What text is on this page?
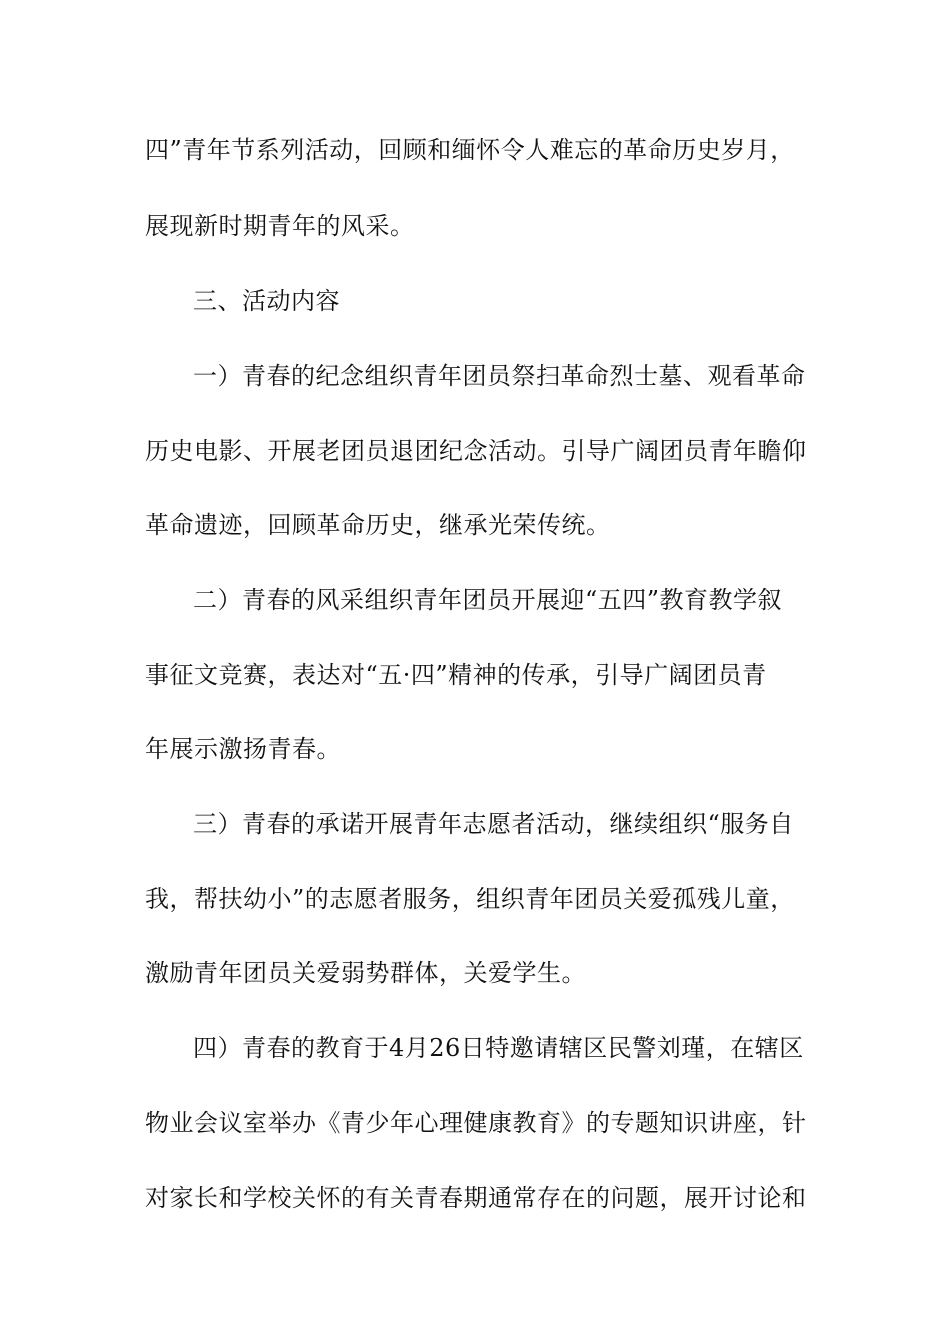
四”青年节系列活动，回顾和缅怀令人难忘的革命历史岁月，
展现新时期青年的风采。
三、活动内容
一）青春的纪念组织青年团员祭扫革命烈士墓、观看革命
历史电影、开展老团员退团纪念活动。引导广阔团员青年瞻仰
革命遗迹，回顾革命历史，继承光荣传统。
二）青春的风采组织青年团员开展迎“五四”教育教学叙
事征文竞赛，表达对“五·四”精神的传承，引导广阔团员青
年展示激扬青春。
三）青春的承诺开展青年志愿者活动，继续组织“服务自
我，帮扶幼小”的志愿者服务，组织青年团员关爱孤残儿童，
激励青年团员关爱弱势群体，关爱学生。
四）青春的教育于4月26日特邀请辖区民警刘瑾，在辖区
物业会议室举办《青少年心理健康教育》的专题知识讲座，针
对家长和学校关怀的有关青春期通常存在的问题，展开讨论和
